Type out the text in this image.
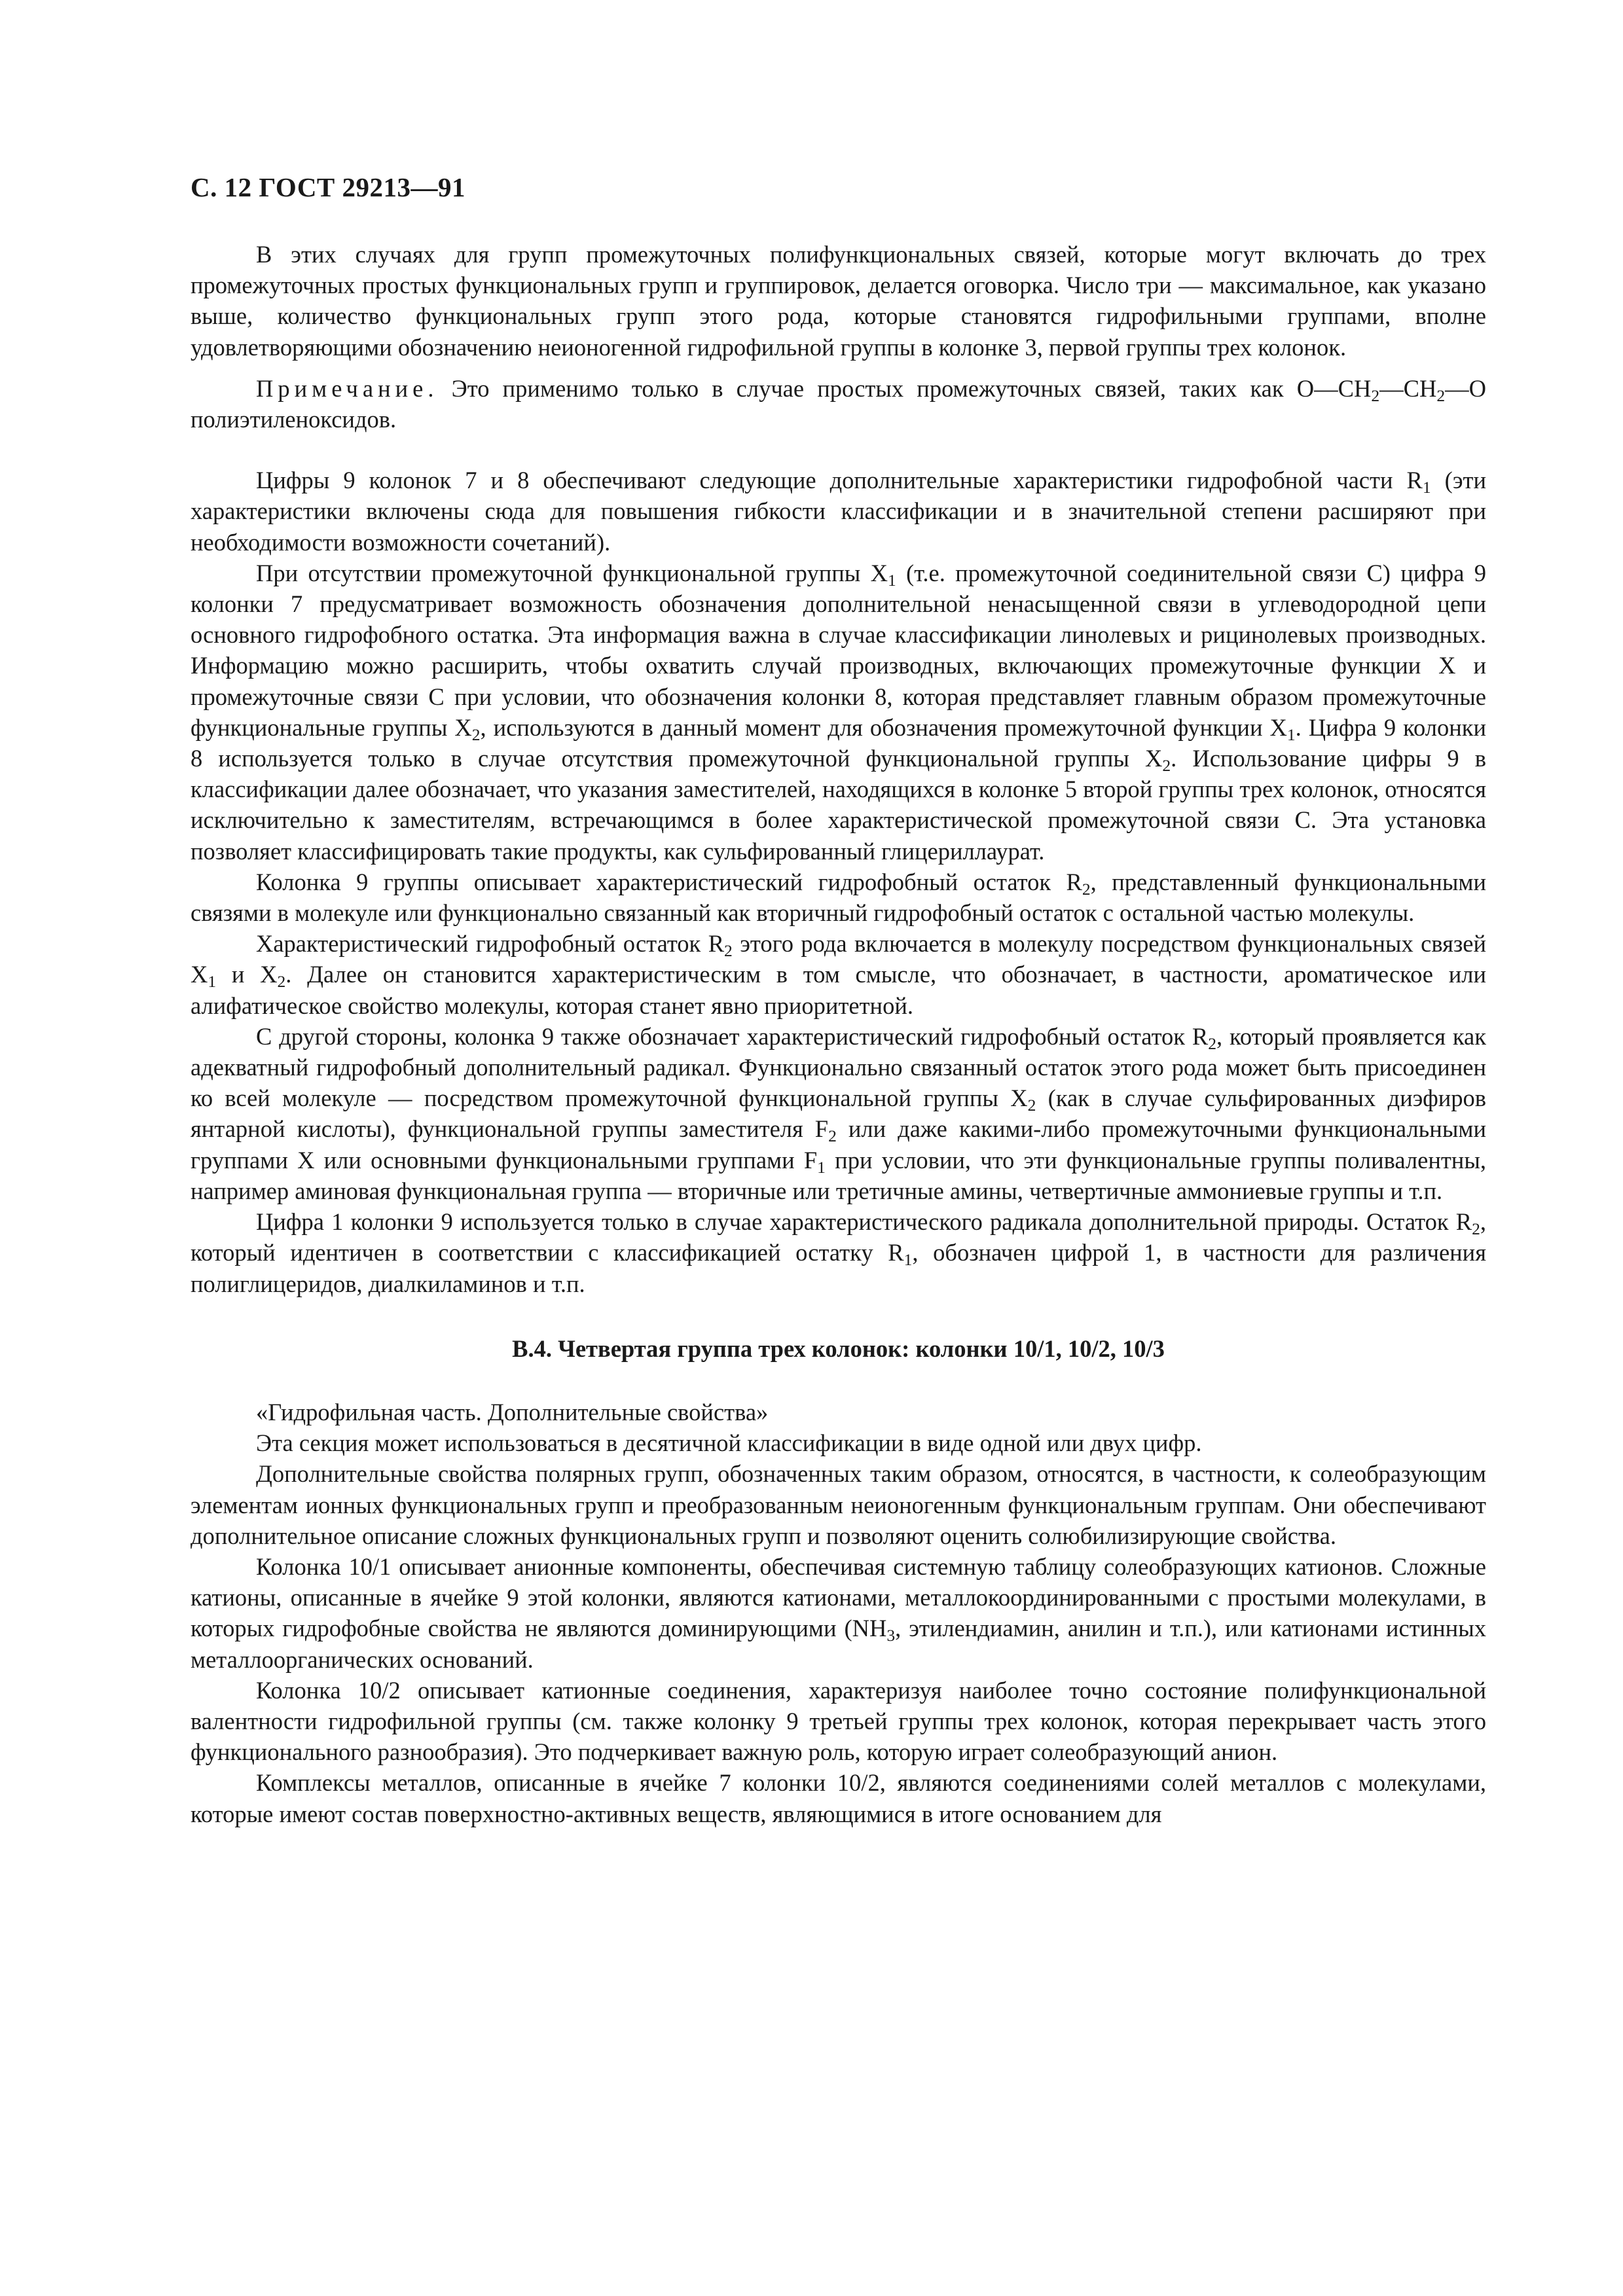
С. 12 ГОСТ 29213—91

В этих случаях для групп промежуточных полифункциональных связей, которые могут включать до трех промежуточных простых функциональных групп и группировок, делается оговорка. Число три — максимальное, как указано выше, количество функциональных групп этого рода, которые становятся гидрофильными группами, вполне удовлетворяющими обозначению неионогенной гидрофильной группы в колонке 3, первой группы трех колонок.

Примечание. Это применимо только в случае простых промежуточных связей, таких как $O—CH_2—CH_2—O$ полиэтиленоксидов.

Цифры 9 колонок 7 и 8 обеспечивают следующие дополнительные характеристики гидрофобной части $R_1$ (эти характеристики включены сюда для повышения гибкости классификации и в значительной степени расширяют при необходимости возможности сочетаний).

При отсутствии промежуточной функциональной группы $X_1$ (т.е. промежуточной соединительной связи С) цифра 9 колонки 7 предусматривает возможность обозначения дополнительной ненасыщенной связи в углеводородной цепи основного гидрофобного остатка. Эта информация важна в случае классификации линолевых и рицинолевых производных. Информацию можно расширить, чтобы охватить случай производных, включающих промежуточные функции X и промежуточные связи С при условии, что обозначения колонки 8, которая представляет главным образом промежуточные функциональные группы $X_2$, используются в данный момент для обозначения промежуточной функции $X_1$. Цифра 9 колонки 8 используется только в случае отсутствия промежуточной функциональной группы $X_2$. Использование цифры 9 в классификации далее обозначает, что указания заместителей, находящихся в колонке 5 второй группы трех колонок, относятся исключительно к заместителям, встречающимся в более характеристической промежуточной связи С. Эта установка позволяет классифицировать такие продукты, как сульфированный глицериллаурат.

Колонка 9 группы описывает характеристический гидрофобный остаток $R_2$, представленный функциональными связями в молекуле или функционально связанный как вторичный гидрофобный остаток с остальной частью молекулы.

Характеристический гидрофобный остаток $R_2$ этого рода включается в молекулу посредством функциональных связей $X_1$ и $X_2$. Далее он становится характеристическим в том смысле, что обозначает, в частности, ароматическое или алифатическое свойство молекулы, которая станет явно приоритетной.

С другой стороны, колонка 9 также обозначает характеристический гидрофобный остаток $R_2$, который проявляется как адекватный гидрофобный дополнительный радикал. Функционально связанный остаток этого рода может быть присоединен ко всей молекуле — посредством промежуточной функциональной группы $X_2$ (как в случае сульфированных диэфиров янтарной кислоты), функциональной группы заместителя $F_2$ или даже какими-либо промежуточными функциональными группами X или основными функциональными группами $F_1$ при условии, что эти функциональные группы поливалентны, например аминовая функциональная группа — вторичные или третичные амины, четвертичные аммониевые группы и т.п.

Цифра 1 колонки 9 используется только в случае характеристического радикала дополнительной природы. Остаток $R_2$, который идентичен в соответствии с классификацией остатку $R_1$, обозначен цифрой 1, в частности для различения полиглицеридов, диалкиламинов и т.п.

В.4. Четвертая группа трех колонок: колонки 10/1, 10/2, 10/3

«Гидрофильная часть. Дополнительные свойства»

Эта секция может использоваться в десятичной классификации в виде одной или двух цифр.

Дополнительные свойства полярных групп, обозначенных таким образом, относятся, в частности, к солеобразующим элементам ионных функциональных групп и преобразованным неионогенным функциональным группам. Они обеспечивают дополнительное описание сложных функциональных групп и позволяют оценить солюбилизирующие свойства.

Колонка 10/1 описывает анионные компоненты, обеспечивая системную таблицу солеобразующих катионов. Сложные катионы, описанные в ячейке 9 этой колонки, являются катионами, металлокоординированными с простыми молекулами, в которых гидрофобные свойства не являются доминирующими ($NH_3$, этилендиамин, анилин и т.п.), или катионами истинных металлоорганических оснований.

Колонка 10/2 описывает катионные соединения, характеризуя наиболее точно состояние полифункциональной валентности гидрофильной группы (см. также колонку 9 третьей группы трех колонок, которая перекрывает часть этого функционального разнообразия). Это подчеркивает важную роль, которую играет солеобразующий анион.

Комплексы металлов, описанные в ячейке 7 колонки 10/2, являются соединениями солей металлов с молекулами, которые имеют состав поверхностно-активных веществ, являющимися в итоге основанием для
